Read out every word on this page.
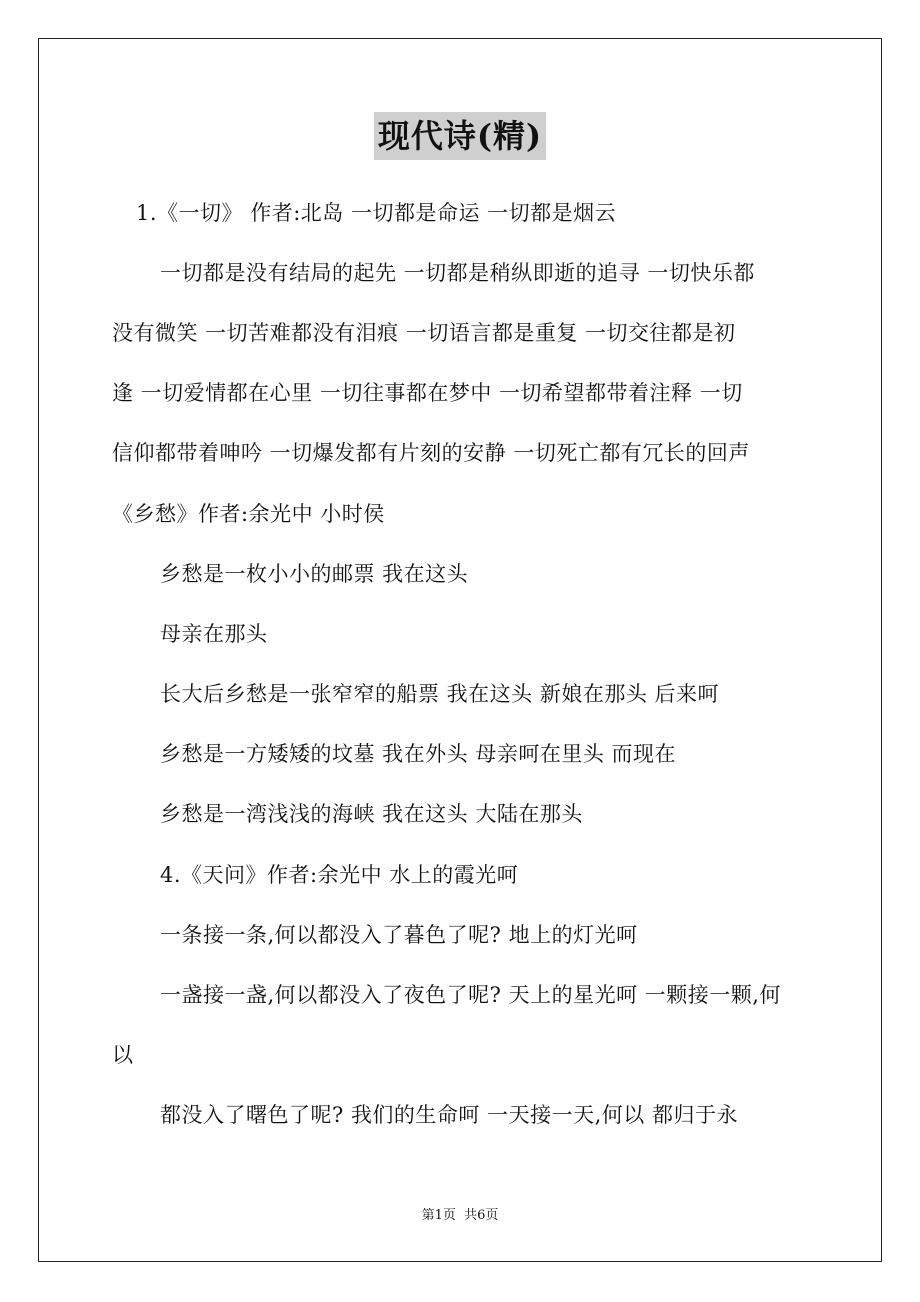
现代诗(精)
1.《一切》 作者:北岛 一切都是命运 一切都是烟云
一切都是没有结局的起先 一切都是稍纵即逝的追寻 一切快乐都
没有微笑 一切苦难都没有泪痕 一切语言都是重复 一切交往都是初
逢 一切爱情都在心里 一切往事都在梦中 一切希望都带着注释 一切
信仰都带着呻吟 一切爆发都有片刻的安静 一切死亡都有冗长的回声
《乡愁》作者:余光中 小时侯
乡愁是一枚小小的邮票 我在这头
母亲在那头
长大后乡愁是一张窄窄的船票 我在这头 新娘在那头 后来呵
乡愁是一方矮矮的坟墓 我在外头 母亲呵在里头 而现在
乡愁是一湾浅浅的海峡 我在这头 大陆在那头
4.《天问》作者:余光中 水上的霞光呵
一条接一条,何以都没入了暮色了呢? 地上的灯光呵
一盏接一盏,何以都没入了夜色了呢? 天上的星光呵 一颗接一颗,何
以
都没入了曙色了呢? 我们的生命呵 一天接一天,何以 都归于永
第1页  共6页
